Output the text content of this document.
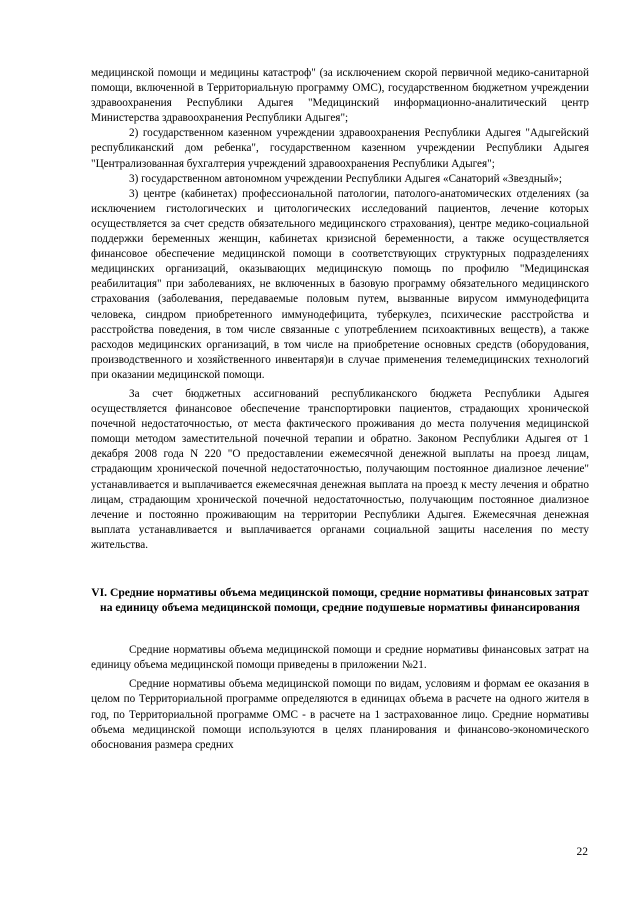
медицинской помощи и медицины катастроф" (за исключением скорой первичной медико-санитарной помощи, включенной в Территориальную программу ОМС), государственном бюджетном учреждении здравоохранения Республики Адыгея "Медицинский информационно-аналитический центр Министерства здравоохранения Республики Адыгея";

2) государственном казенном учреждении здравоохранения Республики Адыгея "Адыгейский республиканский дом ребенка", государственном казенном учреждении Республики Адыгея "Централизованная бухгалтерия учреждений здравоохранения Республики Адыгея";

3) государственном автономном учреждении Республики Адыгея «Санаторий «Звездный»;

3) центре (кабинетах) профессиональной патологии, патолого-анатомических отделениях (за исключением гистологических и цитологических исследований пациентов, лечение которых осуществляется за счет средств обязательного медицинского страхования), центре медико-социальной поддержки беременных женщин, кабинетах кризисной беременности, а также осуществляется финансовое обеспечение медицинской помощи в соответствующих структурных подразделениях медицинских организаций, оказывающих медицинскую помощь по профилю "Медицинская реабилитация" при заболеваниях, не включенных в базовую программу обязательного медицинского страхования (заболевания, передаваемые половым путем, вызванные вирусом иммунодефицита человека, синдром приобретенного иммунодефицита, туберкулез, психические расстройства и расстройства поведения, в том числе связанные с употреблением психоактивных веществ), а также расходов медицинских организаций, в том числе на приобретение основных средств (оборудования, производственного и хозяйственного инвентаря)и в случае применения телемедицинских технологий при оказании медицинской помощи.

За счет бюджетных ассигнований республиканского бюджета Республики Адыгея осуществляется финансовое обеспечение транспортировки пациентов, страдающих хронической почечной недостаточностью, от места фактического проживания до места получения медицинской помощи методом заместительной почечной терапии и обратно. Законом Республики Адыгея от 1 декабря 2008 года N 220 "О предоставлении ежемесячной денежной выплаты на проезд лицам, страдающим хронической почечной недостаточностью, получающим постоянное диализное лечение" устанавливается и выплачивается ежемесячная денежная выплата на проезд к месту лечения и обратно лицам, страдающим хронической почечной недостаточностью, получающим постоянное диализное лечение и постоянно проживающим на территории Республики Адыгея. Ежемесячная денежная выплата устанавливается и выплачивается органами социальной защиты населения по месту жительства.

VI. Средние нормативы объема медицинской помощи, средние нормативы финансовых затрат на единицу объема медицинской помощи, средние подушевые нормативы финансирования

Средние нормативы объема медицинской помощи и средние нормативы финансовых затрат на единицу объема медицинской помощи приведены в приложении №21.

Средние нормативы объема медицинской помощи по видам, условиям и формам ее оказания в целом по Территориальной программе определяются в единицах объема в расчете на одного жителя в год, по Территориальной программе ОМС - в расчете на 1 застрахованное лицо. Средние нормативы объема медицинской помощи используются в целях планирования и финансово-экономического обоснования размера средних

22
